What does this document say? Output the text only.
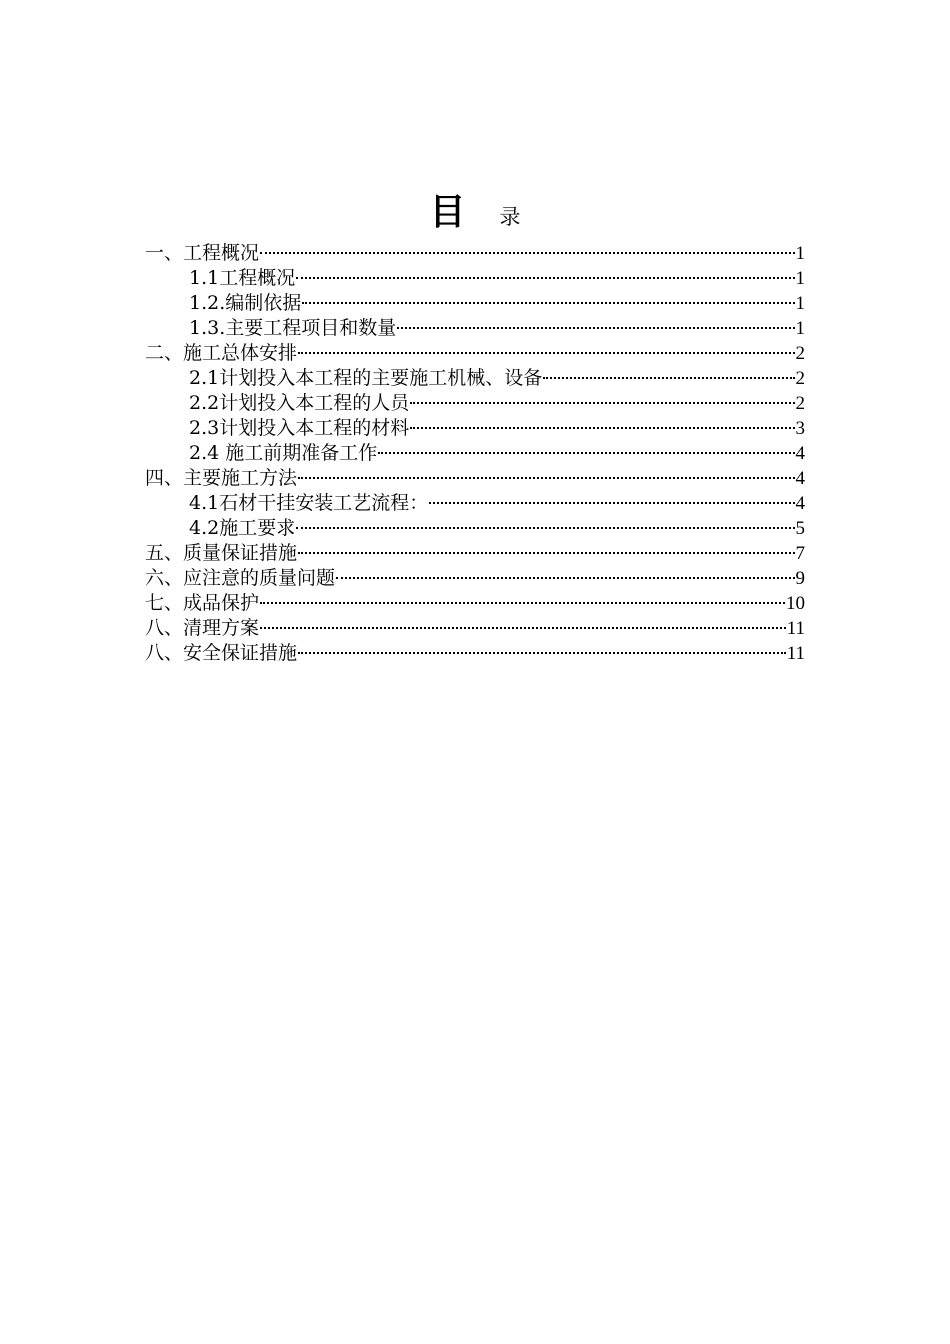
目 录
一、工程概况	1
1.1工程概况	1
1.2.编制依据	1
1.3.主要工程项目和数量	1
二、施工总体安排	2
2.1计划投入本工程的主要施工机械、设备	2
2.2计划投入本工程的人员	2
2.3计划投入本工程的材料	3
2.4 施工前期准备工作	4
四、主要施工方法	4
4.1石材干挂安装工艺流程：	4
4.2施工要求	5
五、质量保证措施	7
六、应注意的质量问题	9
七、成品保护	10
八、清理方案	11
八、安全保证措施	11
